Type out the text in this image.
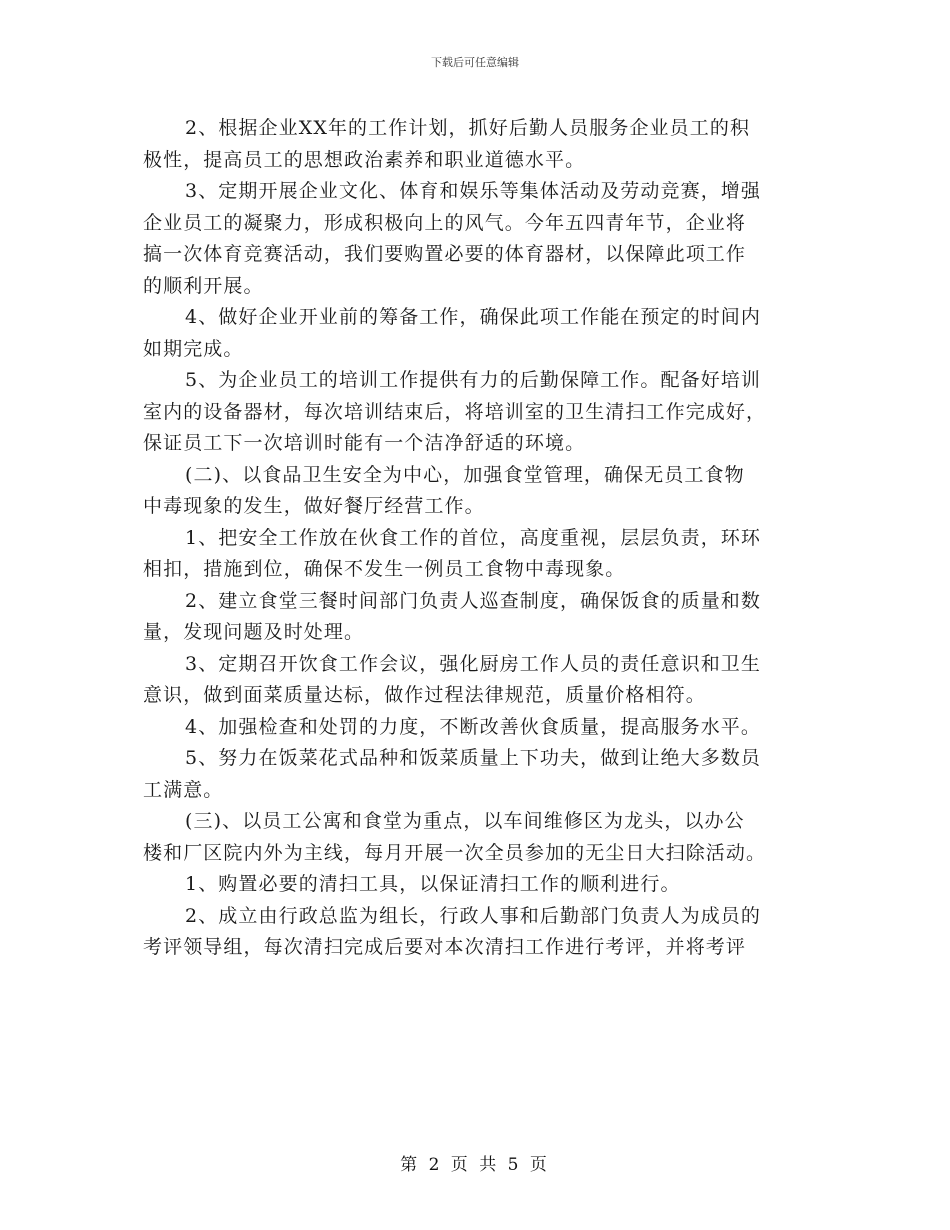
下载后可任意编辑

2、根据企业XX年的工作计划，抓好后勤人员服务企业员工的积
极性，提高员工的思想政治素养和职业道德水平。

3、定期开展企业文化、体育和娱乐等集体活动及劳动竞赛，增强
企业员工的凝聚力，形成积极向上的风气。今年五四青年节，企业将
搞一次体育竞赛活动，我们要购置必要的体育器材，以保障此项工作
的顺利开展。

4、做好企业开业前的筹备工作，确保此项工作能在预定的时间内
如期完成。

5、为企业员工的培训工作提供有力的后勤保障工作。配备好培训
室内的设备器材，每次培训结束后，将培训室的卫生清扫工作完成好，
保证员工下一次培训时能有一个洁净舒适的环境。

(二)、以食品卫生安全为中心，加强食堂管理，确保无员工食物
中毒现象的发生，做好餐厅经营工作。

1、把安全工作放在伙食工作的首位，高度重视，层层负责，环环
相扣，措施到位，确保不发生一例员工食物中毒现象。

2、建立食堂三餐时间部门负责人巡查制度，确保饭食的质量和数
量，发现问题及时处理。

3、定期召开饮食工作会议，强化厨房工作人员的责任意识和卫生
意识，做到面菜质量达标，做作过程法律规范，质量价格相符。

4、加强检查和处罚的力度，不断改善伙食质量，提高服务水平。

5、努力在饭菜花式品种和饭菜质量上下功夫，做到让绝大多数员
工满意。

(三)、以员工公寓和食堂为重点，以车间维修区为龙头，以办公
楼和厂区院内外为主线，每月开展一次全员参加的无尘日大扫除活动。

1、购置必要的清扫工具，以保证清扫工作的顺利进行。

2、成立由行政总监为组长，行政人事和后勤部门负责人为成员的
考评领导组，每次清扫完成后要对本次清扫工作进行考评，并将考评

第 2 页 共 5 页
